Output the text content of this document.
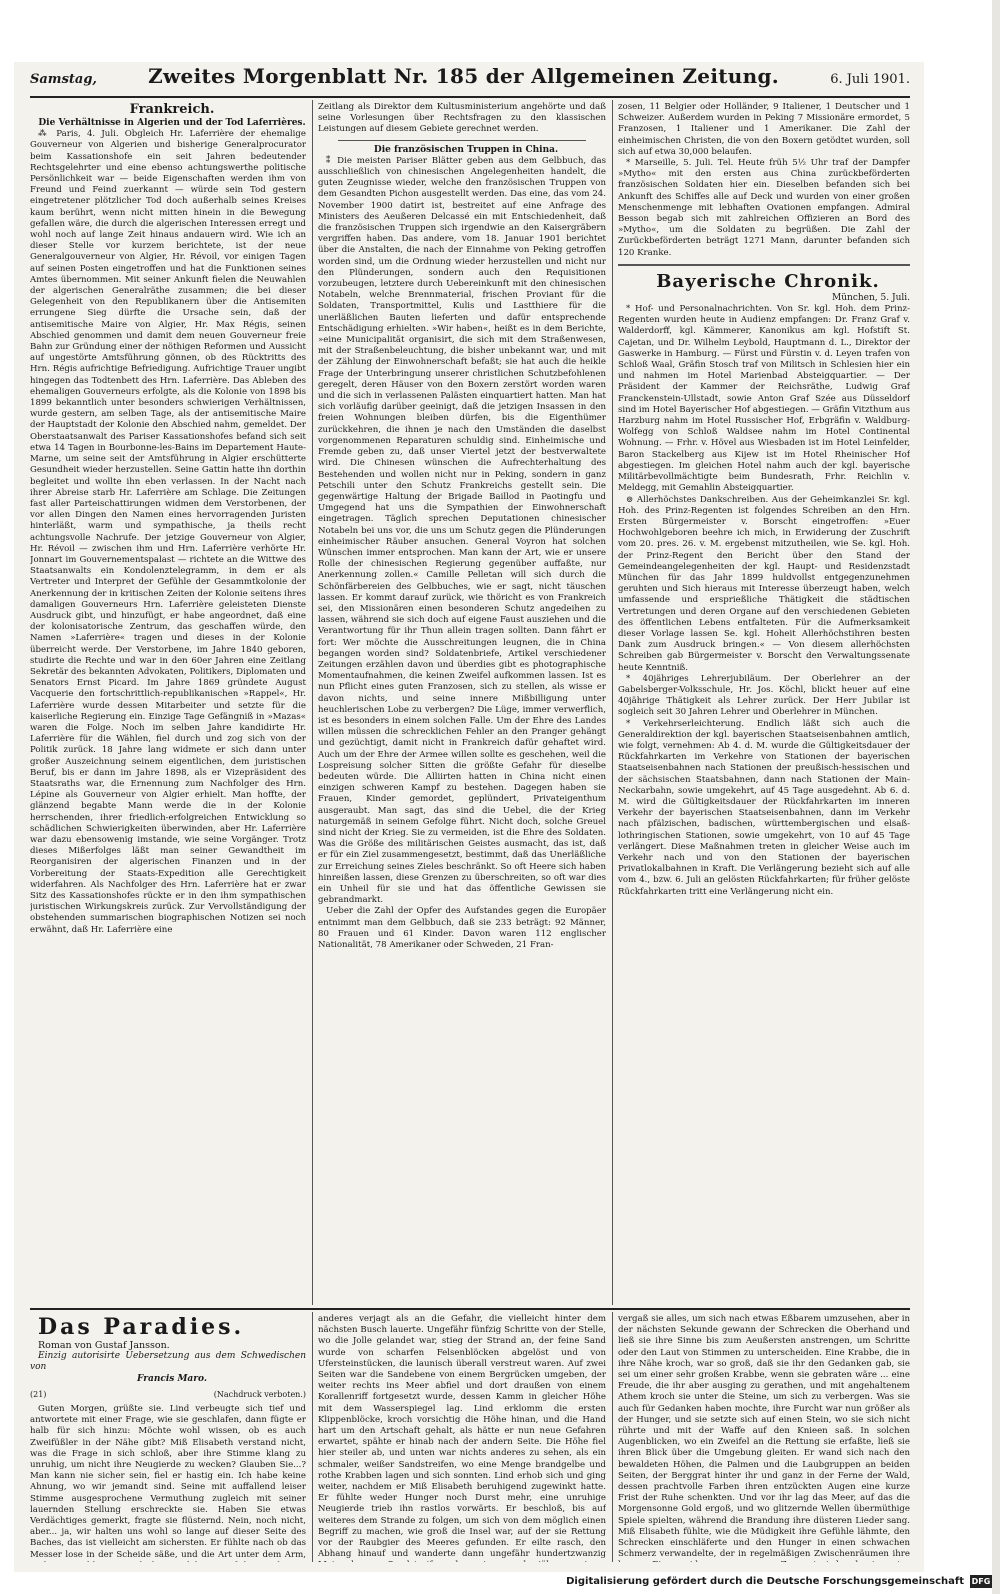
Samstag,	Zweites Morgenblatt Nr. 185 der Allgemeinen Zeitung.	6. Juli 1901.

Frankreich.

Die Verhältnisse in Algerien und der Tod Laferrières.

⁂ Paris, 4. Juli. Obgleich Hr. Laferrière der ehemalige Gouverneur von Algerien und bisherige Generalprocurator beim Kassationshofe ein seit Jahren bedeutender Rechtsgelehrter und eine ebenso achtungswerthe politische Persönlichkeit war — beide Eigenschaften werden ihm von Freund und Feind zuerkannt — würde sein Tod gestern eingetretener plötzlicher Tod doch außerhalb seines Kreises kaum berührt, wenn nicht mitten hinein in die Bewegung gefallen wäre, die durch die algerischen Interessen erregt und wohl noch auf lange Zeit hinaus andauern wird. Wie ich an dieser Stelle vor kurzem berichtete, ist der neue Generalgouverneur von Algier, Hr. Révoil, vor einigen Tagen auf seinen Posten eingetroffen und hat die Funktionen seines Amtes übernommen. Mit seiner Ankunft fielen die Neuwahlen der algerischen Generalräthe zusammen; die bei dieser Gelegenheit von den Republikanern über die Antisemiten errungene Sieg dürfte die Ursache sein, daß der antisemitische Maire von Algier, Hr. Max Régis, seinen Abschied genommen und damit dem neuen Gouverneur freie Bahn zur Gründung einer der nöthigen Reformen und Aussicht auf ungestörte Amtsführung gönnen, ob des Rücktritts des Hrn. Régis aufrichtige Befriedigung. Aufrichtige Trauer ungibt hingegen das Todtenbett des Hrn. Laferrière. Das Ableben des ehemaligen Gouverneurs erfolgte, als die Kolonie von 1898 bis 1899 bekanntlich unter besonders schwierigen Verhältnissen, wurde gestern, am selben Tage, als der antisemitische Maire der Hauptstadt der Kolonie den Abschied nahm, gemeldet. Der Oberstaatsanwalt des Pariser Kassationshofes befand sich seit etwa 14 Tagen in Bourbonne-les-Bains im Departement Haute-Marne, um seine seit der Amtsführung in Algier erschütterte Gesundheit wieder herzustellen. Seine Gattin hatte ihn dorthin begleitet und wollte ihn eben verlassen. In der Nacht nach ihrer Abreise starb Hr. Laferrière am Schlage. Die Zeitungen fast aller Parteischattirungen widmen dem Verstorbenen, der vor allen Dingen den Namen eines hervorragenden Juristen hinterläßt, warm und sympathische, ja theils recht achtungsvolle Nachrufe. Der jetzige Gouverneur von Algier, Hr. Révoil — zwischen ihm und Hrn. Laferrière verhörte Hr. Jonnart im Gouvernementspalast — richtete an die Wittwe des Staatsanwalts ein Kondolenztelegramm, in dem er als Vertreter und Interpret der Gefühle der Gesammtkolonie der Anerkennung der in kritischen Zeiten der Kolonie seitens ihres damaligen Gouverneurs Hrn. Laferrière geleisteten Dienste Ausdruck gibt, und hinzufügt, er habe angeordnet, daß eine der kolonisatorische Zentrum, das geschaffen würde, den Namen »Laferrière« tragen und dieses in der Kolonie überreicht werde. Der Verstorbene, im Jahre 1840 geboren, studirte die Rechte und war in den 60er Jahren eine Zeitlang Sekretär des bekannten Advokaten, Politikers, Diplomaten und Senators Ernst Picard. Im Jahre 1869 gründete August Vacquerie den fortschrittlich-republikanischen »Rappel«, Hr. Laferrière wurde dessen Mitarbeiter und setzte für die kaiserliche Regierung ein. Einzige Tage Gefängniß in »Mazas« waren die Folge. Noch im selben Jahre kandidirte Hr. Laferrière für die Wählen, fiel durch und zog sich von der Politik zurück. 18 Jahre lang widmete er sich dann unter großer Auszeichnung seinem eigentlichen, dem juristischen Beruf, bis er dann im Jahre 1898, als er Vizepräsident des Staatsraths war, die Ernennung zum Nachfolger des Hrn. Lépine als Gouverneur von Algier erhielt. Man hoffte, der glänzend begabte Mann werde die in der Kolonie herrschenden, ihrer friedlich-erfolgreichen Entwicklung so schädlichen Schwierigkeiten überwinden, aber Hr. Laferrière war dazu ebensowenig imstande, wie seine Vorgänger. Trotz dieses Mißerfolges läßt man seiner Gewandtheit im Reorganisiren der algerischen Finanzen und in der Vorbereitung der Staats-Expedition alle Gerechtigkeit widerfahren. Als Nachfolger des Hrn. Laferrière hat er zwar Sitz des Kassationshofes rückte er in den ihm sympathischen juristischen Wirkungskreis zurück. Zur Vervollständigung der obstehenden summarischen biographischen Notizen sei noch erwähnt, daß Hr. Laferrière eine

Zeitlang als Direktor dem Kultusministerium angehörte und daß seine Vorlesungen über Rechtsfragen zu den klassischen Leistungen auf diesem Gebiete gerechnet werden.

Die französischen Truppen in China.

⁑ Die meisten Pariser Blätter geben aus dem Gelbbuch, das ausschließlich von chinesischen Angelegenheiten handelt, die guten Zeugnisse wieder, welche den französischen Truppen von dem Gesandten Pichon ausgestellt werden. Das eine, das vom 24. November 1900 datirt ist, bestreitet auf eine Anfrage des Ministers des Aeußeren Delcassé ein mit Entschiedenheit, daß die französischen Truppen sich irgendwie an den Kaisergräbern vergriffen haben. Das andere, vom 18. Januar 1901 berichtet über die Anstalten, die nach der Einnahme von Peking getroffen worden sind, um die Ordnung wieder herzustellen und nicht nur den Plünderungen, sondern auch den Requisitionen vorzubeugen, letztere durch Uebereinkunft mit den chinesischen Notabeln, welche Brennmaterial, frischen Proviant für die Soldaten, Transportmittel, Kulis und Lastthiere für die unerläßlichen Bauten lieferten und dafür entsprechende Entschädigung erhielten. »Wir haben«, heißt es in dem Berichte, »eine Municipalität organisirt, die sich mit dem Straßenwesen, mit der Straßenbeleuchtung, die bisher unbekannt war, und mit der Zählung der Einwohnerschaft befaßt; sie hat auch die heikle Frage der Unterbringung unserer christlichen Schutzbefohlenen geregelt, deren Häuser von den Boxern zerstört worden waren und die sich in verlassenen Palästen einquartiert hatten. Man hat sich vorläufig darüber geeinigt, daß die jetzigen Insassen in den freien Wohnungen bleiben dürfen, bis die Eigenthümer zurückkehren, die ihnen je nach den Umständen die daselbst vorgenommenen Reparaturen schuldig sind. Einheimische und Fremde geben zu, daß unser Viertel jetzt der bestverwaltete wird. Die Chinesen wünschen die Aufrechterhaltung des Bestehenden und wollen nicht nur in Peking, sondern in ganz Petschili unter den Schutz Frankreichs gestellt sein. Die gegenwärtige Haltung der Brigade Baillod in Paotingfu und Umgegend hat uns die Sympathien der Einwohnerschaft eingetragen. Täglich sprechen Deputationen chinesischer Notabeln bei uns vor, die uns um Schutz gegen die Plünderungen einheimischer Räuber ansuchen. General Voyron hat solchen Wünschen immer entsprochen. Man kann der Art, wie er unsere Rolle der chinesischen Regierung gegenüber auffaßte, nur Anerkennung zollen.« Camille Pelletan will sich durch die Schönfärbereien des Gelbbuches, wie er sagt, nicht täuschen lassen. Er kommt darauf zurück, wie thöricht es von Frankreich sei, den Missionären einen besonderen Schutz angedeihen zu lassen, während sie sich doch auf eigene Faust ausziehen und die Verantwortung für ihr Thun allein tragen sollten. Dann fährt er fort: Wer möchte die Ausschreitungen leugnen, die in China begangen worden sind? Soldatenbriefe, Artikel verschiedener Zeitungen erzählen davon und überdies gibt es photographische Momentaufnahmen, die keinen Zweifel aufkommen lassen. Ist es nun Pflicht eines guten Franzosen, sich zu stellen, als wisse er davon nichts, und seine innere Mißbilligung unter heuchlerischen Lobe zu verbergen? Die Lüge, immer verwerflich, ist es besonders in einem solchen Falle. Um der Ehre des Landes willen müssen die schrecklichen Fehler an den Pranger gehängt und gezüchtigt, damit nicht in Frankreich dafür gehaftet wird. Auch um der Ehre der Armee willen sollte es geschehen, weil die Lospreisung solcher Sitten die größte Gefahr für dieselbe bedeuten würde. Die Alliirten hatten in China nicht einen einzigen schweren Kampf zu bestehen. Dagegen haben sie Frauen, Kinder gemordet, geplündert, Privateigenthum ausgeraubt. Man sagt, das sind die Uebel, die der Krieg naturgemäß in seinem Gefolge führt. Nicht doch, solche Greuel sind nicht der Krieg. Sie zu vermeiden, ist die Ehre des Soldaten. Was die Größe des militärischen Geistes ausmacht, das ist, daß er für ein Ziel zusammengesetzt, bestimmt, daß das Unerläßliche zur Erreichung seines Zieles beschränkt. So oft Heere sich haben hinreißen lassen, diese Grenzen zu überschreiten, so oft war dies ein Unheil für sie und hat das öffentliche Gewissen sie gebrandmarkt.

Ueber die Zahl der Opfer des Aufstandes gegen die Europäer entnimmt man dem Gelbbuch, daß sie 233 beträgt: 92 Männer, 80 Frauen und 61 Kinder. Davon waren 112 englischer Nationalität, 78 Amerikaner oder Schweden, 21 Fran-

zosen, 11 Belgier oder Holländer, 9 Italiener, 1 Deutscher und 1 Schweizer. Außerdem wurden in Peking 7 Missionäre ermordet, 5 Franzosen, 1 Italiener und 1 Amerikaner. Die Zahl der einheimischen Christen, die von den Boxern getödtet wurden, soll sich auf etwa 30,000 belaufen.

* Marseille, 5. Juli. Tel. Heute früh 5½ Uhr traf der Dampfer »Mytho« mit den ersten aus China zurückbeförderten französischen Soldaten hier ein. Dieselben befanden sich bei Ankunft des Schiffes alle auf Deck und wurden von einer großen Menschenmenge mit lebhaften Ovationen empfangen. Admiral Besson begab sich mit zahlreichen Offizieren an Bord des »Mytho«, um die Soldaten zu begrüßen. Die Zahl der Zurückbeförderten beträgt 1271 Mann, darunter befanden sich 120 Kranke.

Bayerische Chronik.

München, 5. Juli.

* Hof- und Personalnachrichten. Von Sr. kgl. Hoh. dem Prinz-Regenten wurden heute in Audienz empfangen: Dr. Franz Graf v. Walderdorff, kgl. Kämmerer, Kanonikus am kgl. Hofstift St. Cajetan, und Dr. Wilhelm Leybold, Hauptmann d. L., Direktor der Gaswerke in Hamburg. — Fürst und Fürstin v. d. Leyen trafen von Schloß Waal, Gräfin Stosch traf von Militsch in Schlesien hier ein und nahmen im Hotel Marienbad Absteigquartier. — Der Präsident der Kammer der Reichsräthe, Ludwig Graf Franckenstein-Ullstadt, sowie Anton Graf Szée aus Düsseldorf sind im Hotel Bayerischer Hof abgestiegen. — Gräfin Vitzthum aus Harzburg nahm im Hotel Russischer Hof, Erbgräfin v. Waldburg-Wolfegg von Schloß Waldsee nahm im Hotel Continental Wohnung. — Frhr. v. Hövel aus Wiesbaden ist im Hotel Leinfelder, Baron Stackelberg aus Kijew ist im Hotel Rheinischer Hof abgestiegen. Im gleichen Hotel nahm auch der kgl. bayerische Militärbevollmächtigte beim Bundesrath, Frhr. Reichlin v. Meldegg, mit Gemahlin Absteigquartier.

⊚ Allerhöchstes Dankschreiben. Aus der Geheimkanzlei Sr. kgl. Hoh. des Prinz-Regenten ist folgendes Schreiben an den Hrn. Ersten Bürgermeister v. Borscht eingetroffen: »Euer Hochwohlgeboren beehre ich mich, in Erwiderung der Zuschrift vom 20. pres. 26. v. M. ergebenst mitzutheilen, wie Se. kgl. Hoh. der Prinz-Regent den Bericht über den Stand der Gemeindeangelegenheiten der kgl. Haupt- und Residenzstadt München für das Jahr 1899 huldvollst entgegenzunehmen geruhten und Sich hieraus mit Interesse überzeugt haben, welch umfassende und ersprießliche Thätigkeit die städtischen Vertretungen und deren Organe auf den verschiedenen Gebieten des öffentlichen Lebens entfalteten. Für die Aufmerksamkeit dieser Vorlage lassen Se. kgl. Hoheit Allerhöchstihren besten Dank zum Ausdruck bringen.« — Von diesem allerhöchsten Schreiben gab Bürgermeister v. Borscht den Verwaltungssenate heute Kenntniß.

* 40jähriges Lehrerjubiläum. Der Oberlehrer an der Gabelsberger-Volksschule, Hr. Jos. Köchl, blickt heuer auf eine 40jährige Thätigkeit als Lehrer zurück. Der Herr Jubilar ist sogleich seit 30 Jahren Lehrer und Oberlehrer in München.

* Verkehrserleichterung. Endlich läßt sich auch die Generaldirektion der kgl. bayerischen Staatseisenbahnen amtlich, wie folgt, vernehmen: Ab 4. d. M. wurde die Gültigkeitsdauer der Rückfahrkarten im Verkehre von Stationen der bayerischen Staatseisenbahnen nach Stationen der preußisch-hessischen und der sächsischen Staatsbahnen, dann nach Stationen der Main-Neckarbahn, sowie umgekehrt, auf 45 Tage ausgedehnt. Ab 6. d. M. wird die Gültigkeitsdauer der Rückfahrkarten im inneren Verkehr der bayerischen Staatseisenbahnen, dann im Verkehr nach pfälzischen, badischen, württembergischen und elsaß-lothringischen Stationen, sowie umgekehrt, von 10 auf 45 Tage verlängert. Diese Maßnahmen treten in gleicher Weise auch im Verkehr nach und von den Stationen der bayerischen Privatlokalbahnen in Kraft. Die Verlängerung bezieht sich auf alle vom 4., bzw. 6. Juli an gelösten Rückfahrkarten; für früher gelöste Rückfahrkarten tritt eine Verlängerung nicht ein.

Das Paradies.

Roman von Gustaf Jansson.

Einzig autorisirte Uebersetzung aus dem Schwedischen von

Francis Maro.

(21)	(Nachdruck verboten.)

Guten Morgen, grüßte sie. Lind verbeugte sich tief und antwortete mit einer Frage, wie sie geschlafen, dann fügte er halb für sich hinzu: Möchte wohl wissen, ob es auch Zweifüßler in der Nähe gibt? Miß Elisabeth verstand nicht, was die Frage in sich schloß, aber ihre Stimme klang zu unruhig, um nicht ihre Neugierde zu wecken? Glauben Sie...? Man kann nie sicher sein, fiel er hastig ein. Ich habe keine Ahnung, wo wir jemandt sind. Seine mit auffallend leiser Stimme ausgesprochene Vermuthung zugleich mit seiner lauernden Stellung erschreckte sie. Haben Sie etwas Verdächtiges gemerkt, fragte sie flüsternd. Nein, noch nicht, aber... ja, wir halten uns wohl so lange auf dieser Seite des Baches, das ist vielleicht am sichersten. Er fühlte nach ob das Messer lose in der Scheide säße, und die Art unter dem Arm,

anderes verjagt als an die Gefahr, die vielleicht hinter dem nächsten Busch lauerte. Ungefähr fünfzig Schritte von der Stelle, wo die Jolle gelandet war, stieg der Strand an, der feine Sand wurde von scharfen Felsenblöcken abgelöst und von Ufersteinstücken, die launisch überall verstreut waren. Auf zwei Seiten war die Sandebene von einem Bergrücken umgeben, der weiter rechts ins Meer abfiel und dort draußen von einem Korallenriff fortgesetzt wurde, dessen Kamm in gleicher Höhe mit dem Wasserspiegel lag. Lind erklomm die ersten Klippenblöcke, kroch vorsichtig die Höhe hinan, und die Hand hart um den Artschaft gehalt, als hätte er nun neue Gefahren erwartet, spähte er hinab nach der andern Seite. Die Höhe fiel hier steiler ab, und unten war nichts anderes zu sehen, als ein schmaler, weißer Sandstreifen, wo eine Menge brandgelbe und rothe Krabben lagen und sich sonnten. Lind erhob sich und ging weiter, nachdem er Miß Elisabeth beruhigend zugewinkt hatte. Er fühlte weder Hunger noch Durst mehr, eine unruhige Neugierde trieb ihn rastlos vorwärts. Er beschloß, bis auf weiteres dem Strande zu folgen, um sich von dem möglich einen Begriff zu machen, wie groß die Insel war, auf der sie Rettung vor der Raubgier des Meeres gefunden. Er eilte rasch, den Abhang hinauf und wanderte dann ungefähr hundertzwanzig

vergaß sie alles, um sich nach etwas Eßbarem umzusehen, aber in der nächsten Sekunde gewann der Schrecken die Oberhand und ließ sie ihre Sinne bis zum Aeußersten anstrengen, um Schritte oder den Laut von Stimmen zu unterscheiden. Eine Krabbe, die in ihre Nähe kroch, war so groß, daß sie ihr den Gedanken gab, sie sei um einer sehr großen Krabbe, wenn sie gebraten wäre ... eine Freude, die ihr aber ausging zu gerathen, und mit angehaltenem Athem kroch sie unter die Steine, um sich zu verbergen. Was sie auch für Gedanken haben mochte, ihre Furcht war nun größer als der Hunger, und sie setzte sich auf einen Stein, wo sie sich nicht rührte und mit der Waffe auf den Knieen saß. In solchen Augenblicken, wo ein Zweifel an die Rettung sie erfaßte, ließ sie ihren Blick über die Umgebung gleiten. Er wand sich nach den bewaldeten Höhen, die Palmen und die Laubgruppen an beiden Seiten, der Berggrat hinter ihr und ganz in der Ferne der Wald, dessen prachtvolle Farben ihren entzückten Augen eine kurze Frist der Ruhe schenkten. Und vor ihr lag das Meer, auf das die Morgensonne Gold ergoß, und wo glitzernde Wellen übermüthige Spiele spielten, während die Brandung ihre düsteren Lieder sang. Miß Elisabeth fühlte, wie die Müdigkeit ihre Gefühle lähmte, den Schrecken einschläferte und den Hunger in einen schwachen Schmerz verwandelte, der in regelmäßigen Zwischenräumen ihre

Digitalisierung gefördert durch die Deutsche Forschungsgemeinschaft DFG
